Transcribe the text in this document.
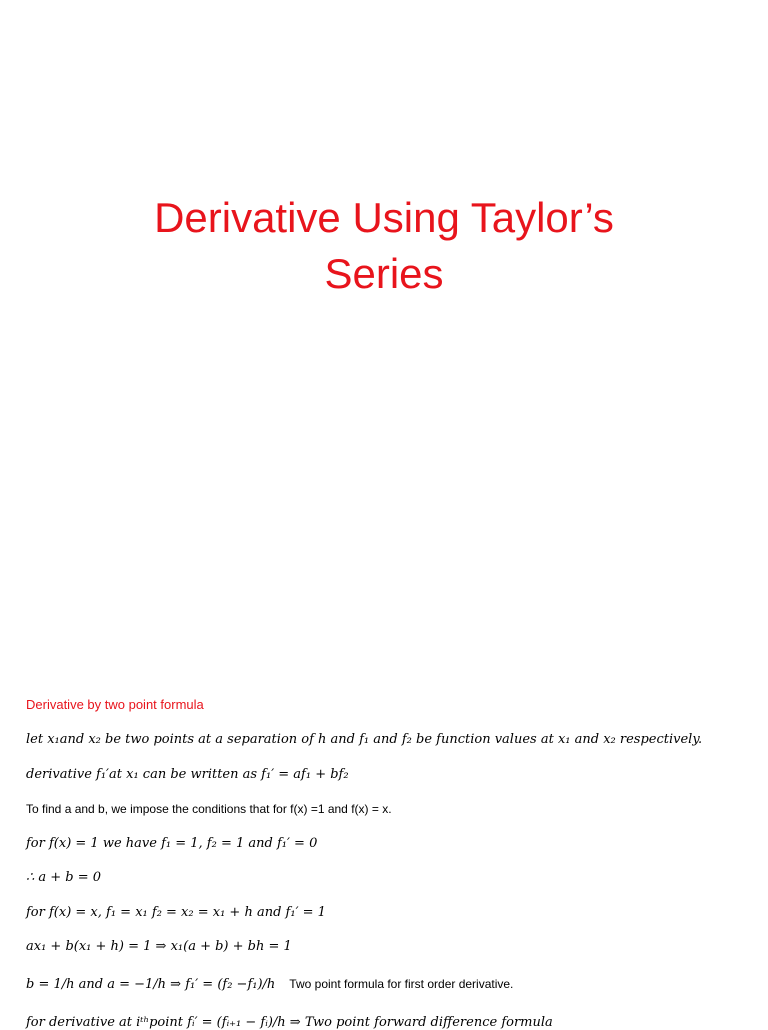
Derivative Using Taylor’s
Series
Derivative by two point formula
let x₁and x₂ be two points at a separation of h and f₁ and f₂ be function values at x₁ and x₂ respectively.
derivative f₁′at x₁ can be written as f₁′ = af₁ + bf₂
To find a and b, we impose the conditions that for f(x) =1 and f(x) = x.
for f(x) = 1 we have f₁ = 1, f₂ = 1 and f₁′ = 0
∴ a + b = 0
for f(x) = x, f₁ = x₁ f₂ = x₂ = x₁ + h and f₁′ = 1
ax₁ + b(x₁ + h) = 1 ⇒ x₁(a + b) + bh = 1
b = 1/h and a = −1/h ⇒ f₁′ = (f₂ −f₁)/h Two point formula for first order derivative.
for derivative at iᵗʰpoint fᵢ′ = (fᵢ₊₁ − fᵢ)/h ⇒ Two point forward difference formula
